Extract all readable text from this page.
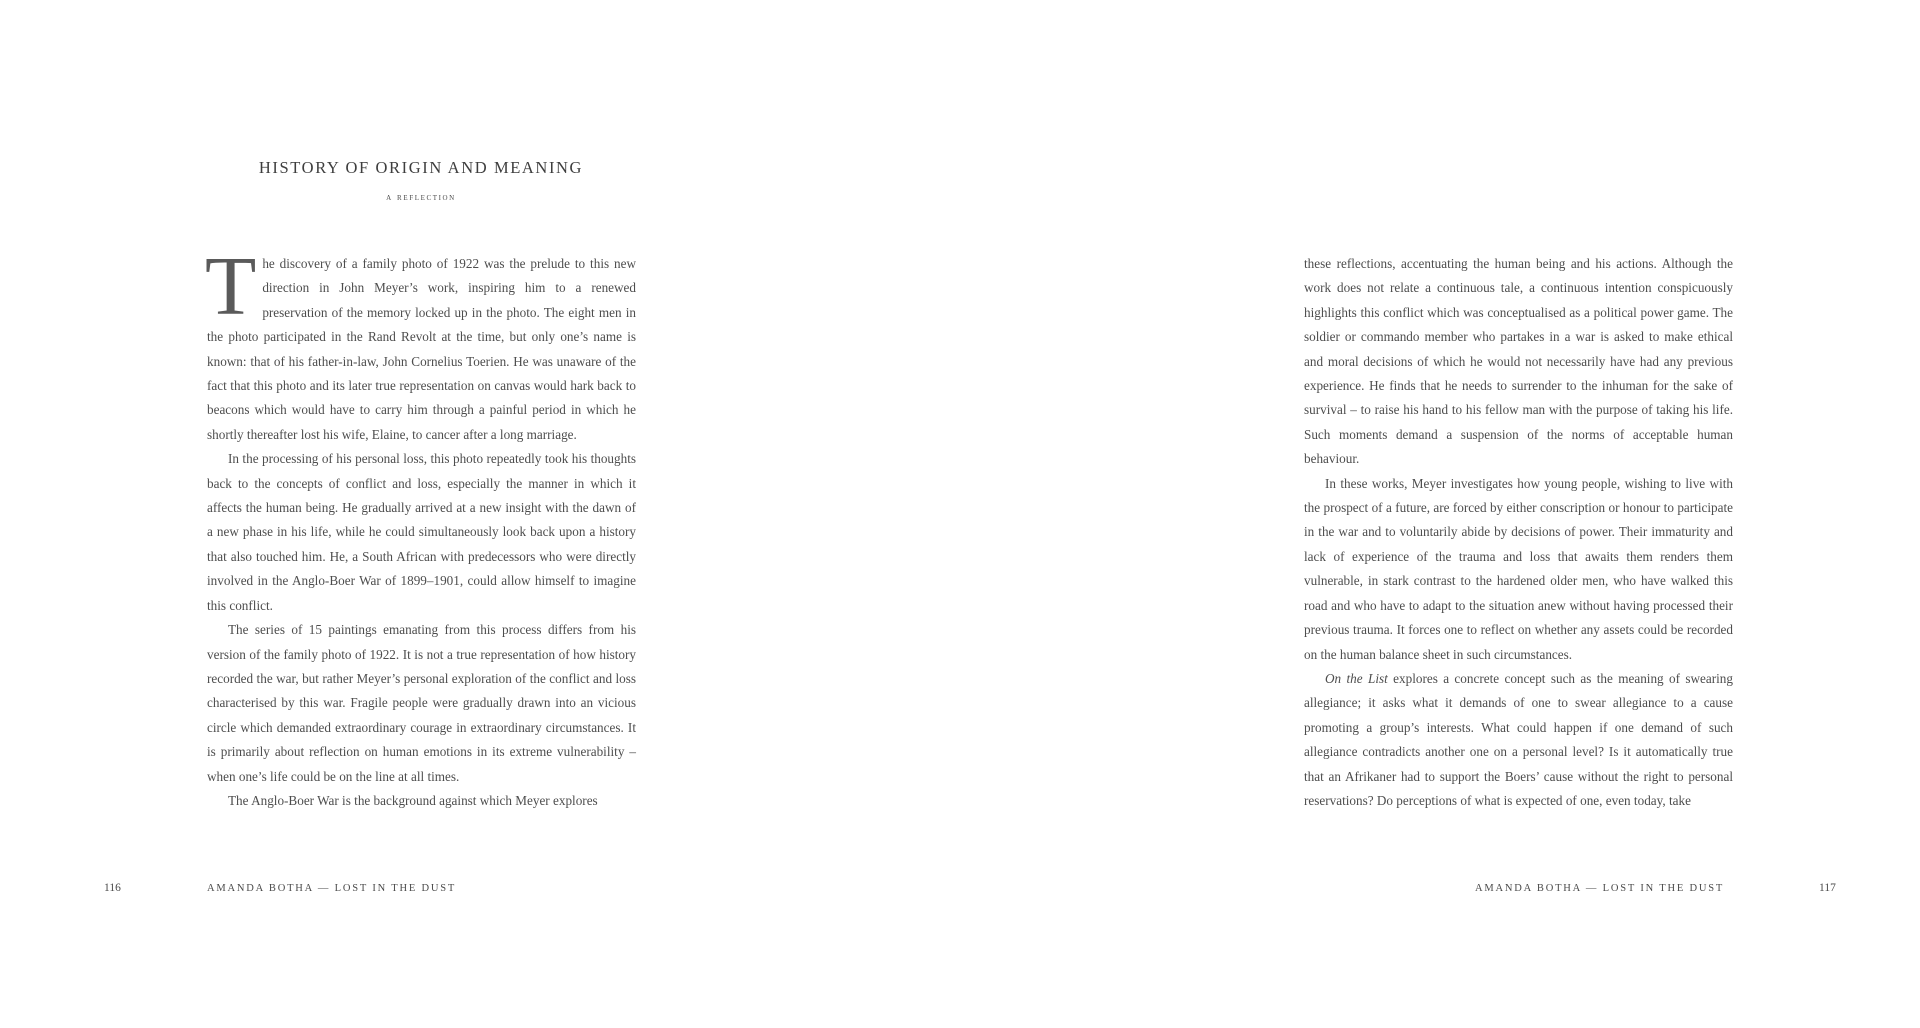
HISTORY OF ORIGIN AND MEANING
a reflection

The discovery of a family photo of 1922 was the prelude to this new direction in John Meyer’s work, inspiring him to a renewed preservation of the memory locked up in the photo. The eight men in the photo participated in the Rand Revolt at the time, but only one’s name is known: that of his father-in-law, John Cornelius Toerien. He was unaware of the fact that this photo and its later true representation on canvas would hark back to beacons which would have to carry him through a painful period in which he shortly thereafter lost his wife, Elaine, to cancer after a long marriage.

In the processing of his personal loss, this photo repeatedly took his thoughts back to the concepts of conflict and loss, especially the manner in which it affects the human being. He gradually arrived at a new insight with the dawn of a new phase in his life, while he could simultaneously look back upon a history that also touched him. He, a South African with predecessors who were directly involved in the Anglo-Boer War of 1899–1901, could allow himself to imagine this conflict.

The series of 15 paintings emanating from this process differs from his version of the family photo of 1922. It is not a true representation of how history recorded the war, but rather Meyer’s personal exploration of the conflict and loss characterised by this war. Fragile people were gradually drawn into an vicious circle which demanded extraordinary courage in extraordinary circumstances. It is primarily about reflection on human emotions in its extreme vulnerability – when one’s life could be on the line at all times.

The Anglo-Boer War is the background against which Meyer explores

116	AMANDA BOTHA — LOST IN THE DUST

these reflections, accentuating the human being and his actions. Although the work does not relate a continuous tale, a continuous intention conspicuously highlights this conflict which was conceptualised as a political power game. The soldier or commando member who partakes in a war is asked to make ethical and moral decisions of which he would not necessarily have had any previous experience. He finds that he needs to surrender to the inhuman for the sake of survival – to raise his hand to his fellow man with the purpose of taking his life. Such moments demand a suspension of the norms of acceptable human behaviour.

In these works, Meyer investigates how young people, wishing to live with the prospect of a future, are forced by either conscription or honour to participate in the war and to voluntarily abide by decisions of power. Their immaturity and lack of experience of the trauma and loss that awaits them renders them vulnerable, in stark contrast to the hardened older men, who have walked this road and who have to adapt to the situation anew without having processed their previous trauma. It forces one to reflect on whether any assets could be recorded on the human balance sheet in such circumstances.

On the List explores a concrete concept such as the meaning of swearing allegiance; it asks what it demands of one to swear allegiance to a cause promoting a group’s interests. What could happen if one demand of such allegiance contradicts another one on a personal level? Is it automatically true that an Afrikaner had to support the Boers’ cause without the right to personal reservations? Do perceptions of what is expected of one, even today, take

AMANDA BOTHA — LOST IN THE DUST	117
